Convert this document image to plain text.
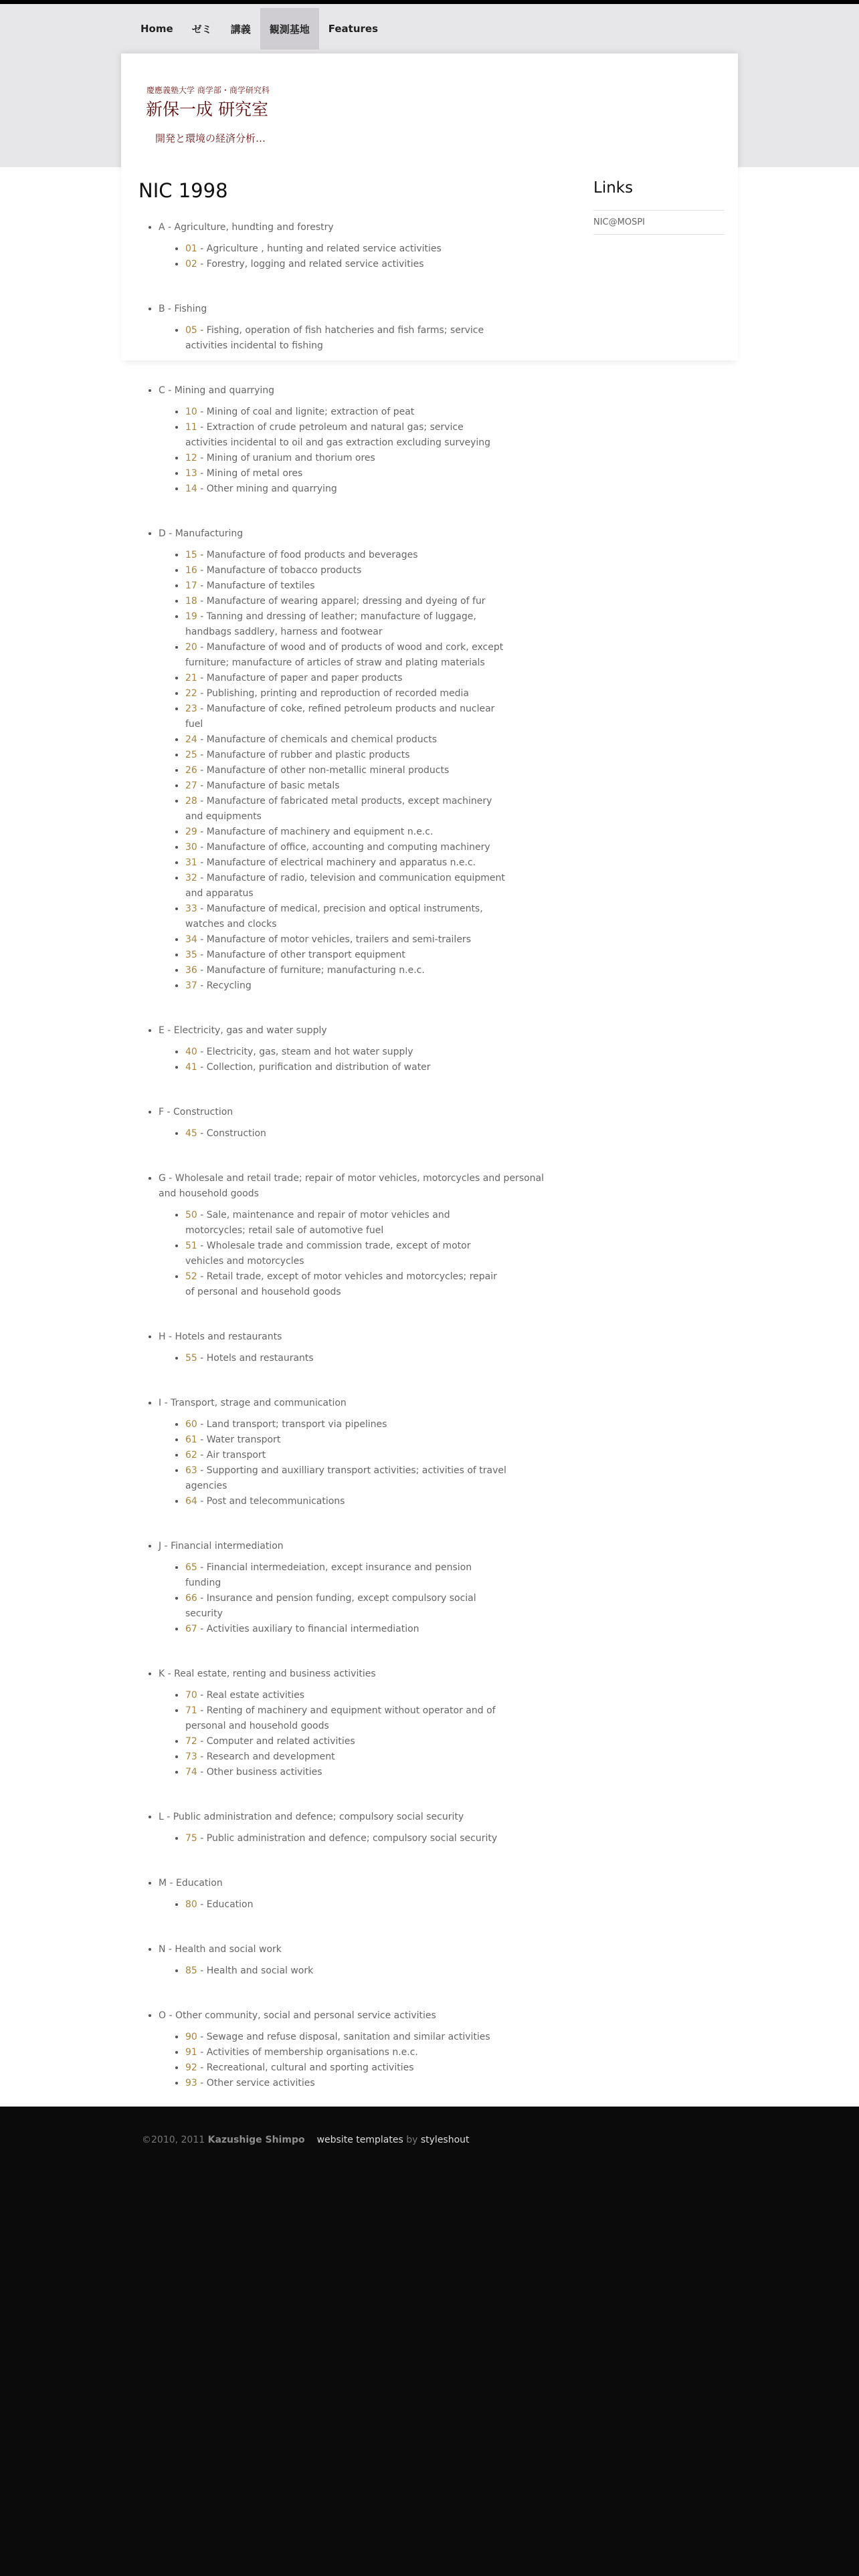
Home	ゼミ	講義	観測基地	Features
慶應義塾大学 商学部・商学研究科
新保一成 研究室
開発と環境の経済分析…
NIC 1998
• A - Agriculture, hundting and forestry
• 01 - Agriculture , hunting and related service activities
• 02 - Forestry, logging and related service activities
• B - Fishing
• 05 - Fishing, operation of fish hatcheries and fish farms; service activities incidental to fishing
• C - Mining and quarrying
• 10 - Mining of coal and lignite; extraction of peat
• 11 - Extraction of crude petroleum and natural gas; service activities incidental to oil and gas extraction excluding surveying
• 12 - Mining of uranium and thorium ores
• 13 - Mining of metal ores
• 14 - Other mining and quarrying
• D - Manufacturing
• 15 - Manufacture of food products and beverages
• 16 - Manufacture of tobacco products
• 17 - Manufacture of textiles
• 18 - Manufacture of wearing apparel; dressing and dyeing of fur
• 19 - Tanning and dressing of leather; manufacture of luggage, handbags saddlery, harness and footwear
• 20 - Manufacture of wood and of products of wood and cork, except furniture; manufacture of articles of straw and plating materials
• 21 - Manufacture of paper and paper products
• 22 - Publishing, printing and reproduction of recorded media
• 23 - Manufacture of coke, refined petroleum products and nuclear fuel
• 24 - Manufacture of chemicals and chemical products
• 25 - Manufacture of rubber and plastic products
• 26 - Manufacture of other non-metallic mineral products
• 27 - Manufacture of basic metals
• 28 - Manufacture of fabricated metal products, except machinery and equipments
• 29 - Manufacture of machinery and equipment n.e.c.
• 30 - Manufacture of office, accounting and computing machinery
• 31 - Manufacture of electrical machinery and apparatus n.e.c.
• 32 - Manufacture of radio, television and communication equipment and apparatus
• 33 - Manufacture of medical, precision and optical instruments, watches and clocks
• 34 - Manufacture of motor vehicles, trailers and semi-trailers
• 35 - Manufacture of other transport equipment
• 36 - Manufacture of furniture; manufacturing n.e.c.
• 37 - Recycling
• E - Electricity, gas and water supply
• 40 - Electricity, gas, steam and hot water supply
• 41 - Collection, purification and distribution of water
• F - Construction
• 45 - Construction
• G - Wholesale and retail trade; repair of motor vehicles, motorcycles and personal and household goods
• 50 - Sale, maintenance and repair of motor vehicles and motorcycles; retail sale of automotive fuel
• 51 - Wholesale trade and commission trade, except of motor vehicles and motorcycles
• 52 - Retail trade, except of motor vehicles and motorcycles; repair of personal and household goods
• H - Hotels and restaurants
• 55 - Hotels and restaurants
• I - Transport, strage and communication
• 60 - Land transport; transport via pipelines
• 61 - Water transport
• 62 - Air transport
• 63 - Supporting and auxilliary transport activities; activities of travel agencies
• 64 - Post and telecommunications
• J - Financial intermediation
• 65 - Financial intermedeiation, except insurance and pension funding
• 66 - Insurance and pension funding, except compulsory social security
• 67 - Activities auxiliary to financial intermediation
• K - Real estate, renting and business activities
• 70 - Real estate activities
• 71 - Renting of machinery and equipment without operator and of personal and household goods
• 72 - Computer and related activities
• 73 - Research and development
• 74 - Other business activities
• L - Public administration and defence; compulsory social security
• 75 - Public administration and defence; compulsory social security
• M - Education
• 80 - Education
• N - Health and social work
• 85 - Health and social work
• O - Other community, social and personal service activities
• 90 - Sewage and refuse disposal, sanitation and similar activities
• 91 - Activities of membership organisations n.e.c.
• 92 - Recreational, cultural and sporting activities
• 93 - Other service activities
•
•
•
•
Links
NIC@MOSPI
©2010, 2011 Kazushige Shimpo website templates by styleshout
